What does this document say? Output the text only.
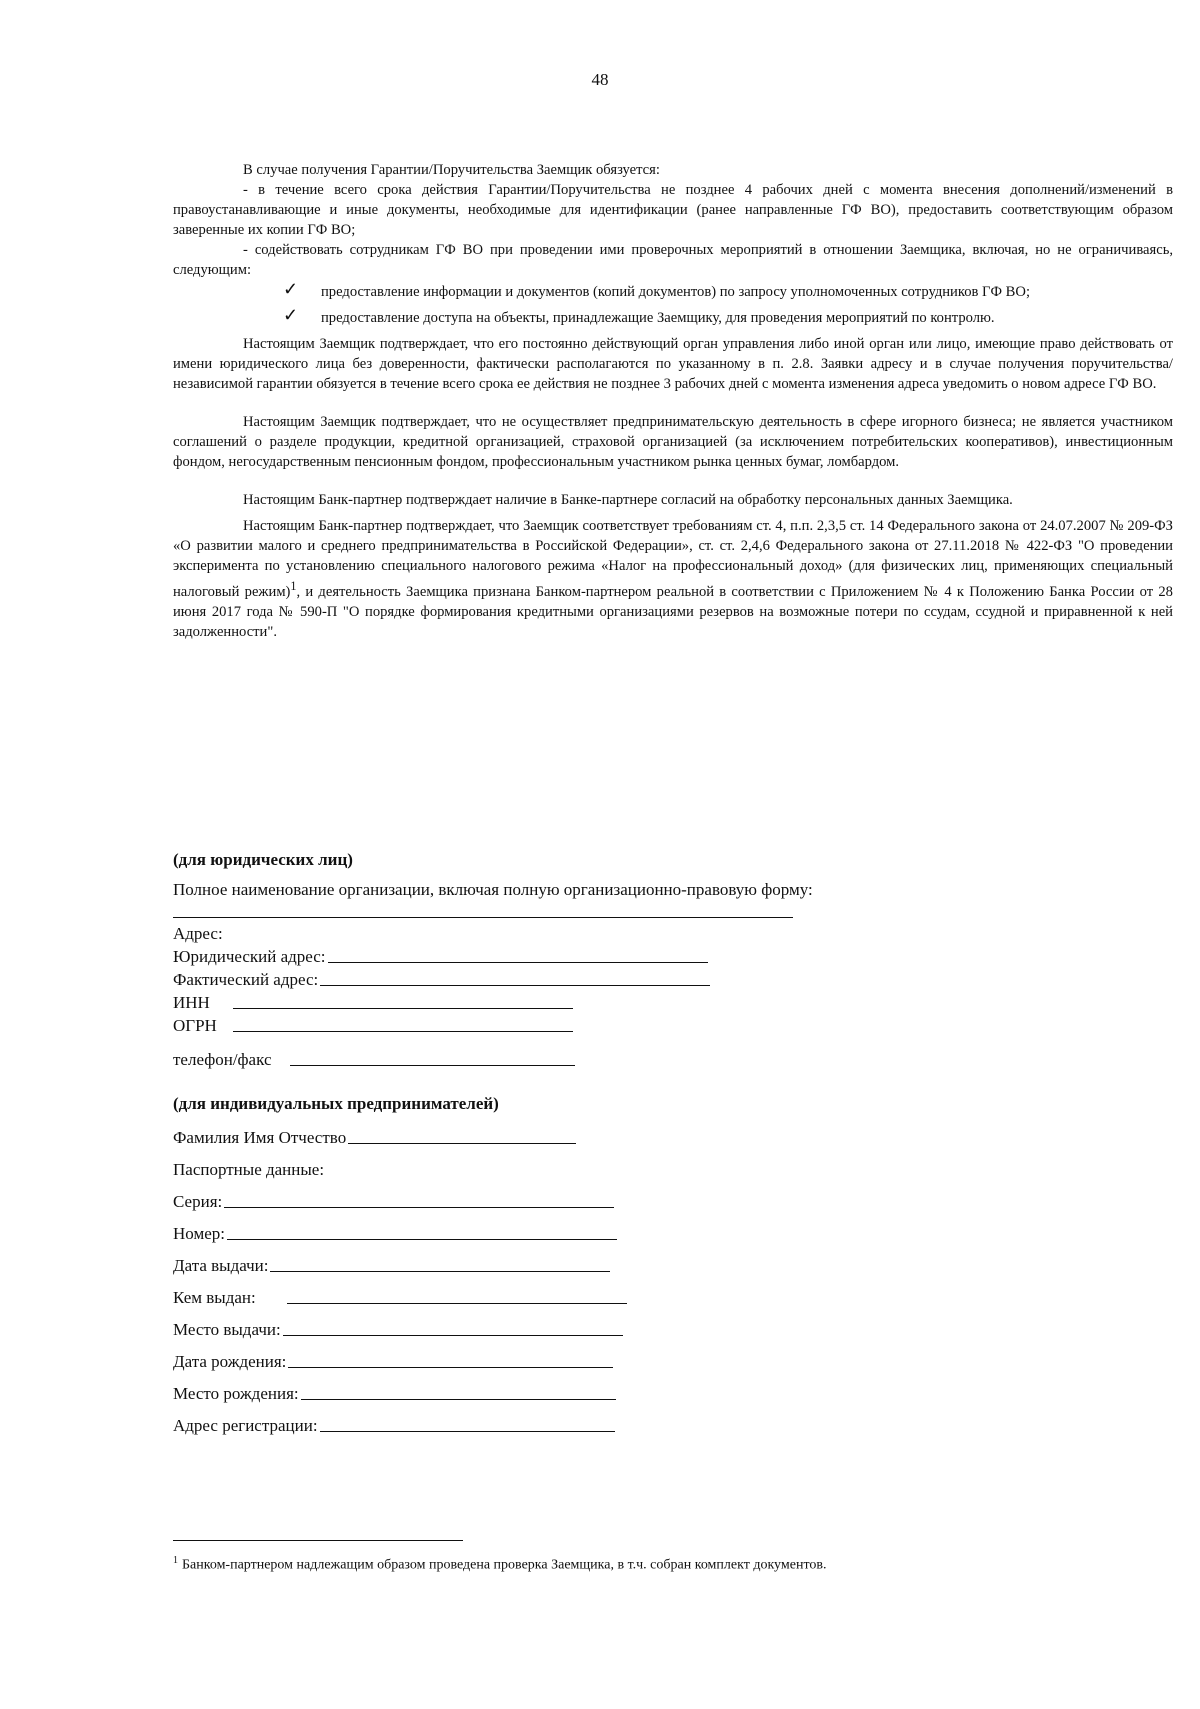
48

В случае получения Гарантии/Поручительства Заемщик обязуется:

- в течение всего срока действия Гарантии/Поручительства не позднее 4 рабочих дней с момента внесения дополнений/изменений в правоустанавливающие и иные документы, необходимые для идентификации (ранее направленные ГФ ВО), предоставить соответствующим образом заверенные их копии ГФ ВО;

- содействовать сотрудникам ГФ ВО при проведении ими проверочных мероприятий в отношении Заемщика, включая, но не ограничиваясь, следующим:

✓ предоставление информации и документов (копий документов) по запросу уполномоченных сотрудников ГФ ВО;
✓ предоставление доступа на объекты, принадлежащие Заемщику, для проведения мероприятий по контролю.

Настоящим Заемщик подтверждает, что его постоянно действующий орган управления либо иной орган или лицо, имеющие право действовать от имени юридического лица без доверенности, фактически располагаются по указанному в п. 2.8. Заявки адресу и в случае получения поручительства/независимой гарантии обязуется в течение всего срока ее действия не позднее 3 рабочих дней с момента изменения адреса уведомить о новом адресе ГФ ВО.

Настоящим Заемщик подтверждает, что не осуществляет предпринимательскую деятельность в сфере игорного бизнеса; не является участником соглашений о разделе продукции, кредитной организацией, страховой организацией (за исключением потребительских кооперативов), инвестиционным фондом, негосударственным пенсионным фондом, профессиональным участником рынка ценных бумаг, ломбардом.

Настоящим Банк-партнер подтверждает наличие в Банке-партнере согласий на обработку персональных данных Заемщика.

Настоящим Банк-партнер подтверждает, что Заемщик соответствует требованиям ст. 4, п.п. 2,3,5 ст. 14 Федерального закона от 24.07.2007 № 209-ФЗ «О развитии малого и среднего предпринимательства в Российской Федерации», ст. ст. 2,4,6 Федерального закона от 27.11.2018 № 422-ФЗ "О проведении эксперимента по установлению специального налогового режима «Налог на профессиональный доход» (для физических лиц, применяющих специальный налоговый режим)$^1$, и деятельность Заемщика признана Банком-партнером реальной в соответствии с Приложением № 4 к Положению Банка России от 28 июня 2017 года № 590-П "О порядке формирования кредитными организациями резервов на возможные потери по ссудам, ссудной и приравненной к ней задолженности".

(для юридических лиц)

Полное наименование организации, включая полную организационно-правовую форму:
Адрес:
Юридический адрес:
Фактический адрес:
ИНН
ОГРН
телефон/факс

(для индивидуальных предпринимателей)

Фамилия Имя Отчество
Паспортные данные:
Серия:
Номер:
Дата выдачи:
Кем выдан:
Место выдачи:
Дата рождения:
Место рождения:
Адрес регистрации:
$^1$ Банком-партнером надлежащим образом проведена проверка Заемщика, в т.ч. собран комплект документов.
